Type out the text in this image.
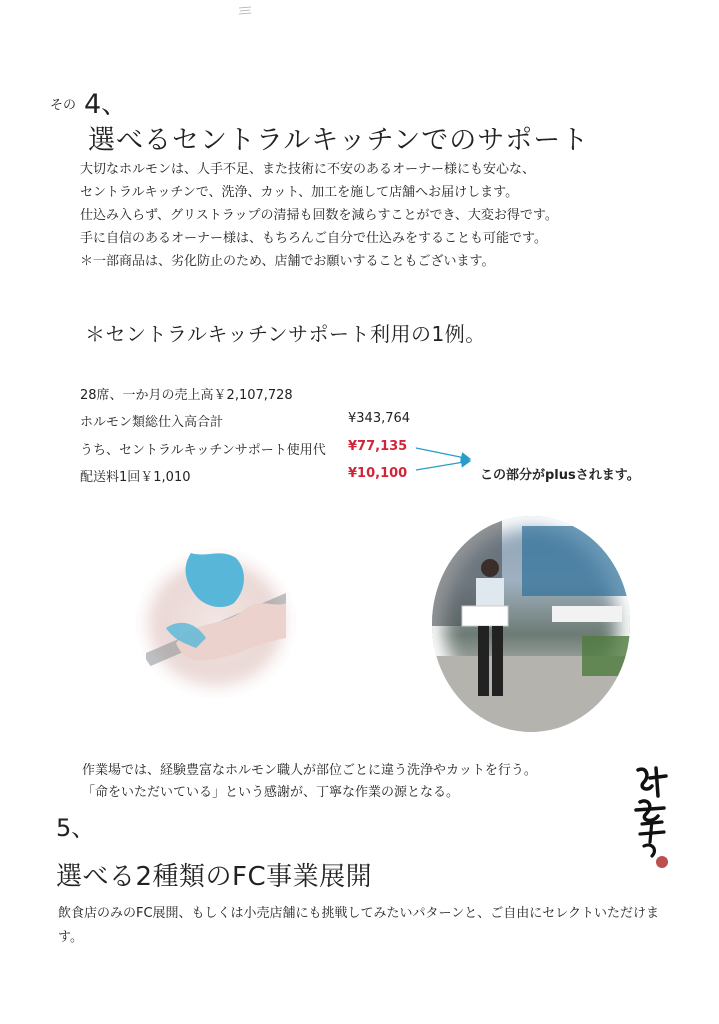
その 4、
選べるセントラルキッチンでのサポート
大切なホルモンは、人手不足、また技術に不安のあるオーナー様にも安心な、
セントラルキッチンで、洗浄、カット、加工を施して店舗へお届けします。
仕込み入らず、グリストラップの清掃も回数を減らすことができ、大変お得です。
手に自信のあるオーナー様は、もちろんご自分で仕込みをすることも可能です。
＊一部商品は、劣化防止のため、店舗でお願いすることもございます。
＊セントラルキッチンサポート利用の1例。
28席、一か月の売上高￥2,107,728
ホルモン類総仕入高合計	¥343,764
うち、セントラルキッチンサポート使用代 ¥77,135
配送料1回￥1,010	¥10,100	この部分がplusされます。
作業場では、経験豊富なホルモン職人が部位ごとに違う洗浄やカットを行う。
「命をいただいている」という感謝が、丁寧な作業の源となる。
5、
選べる2種類のFC事業展開
飲食店のみのFC展開、もしくは小売店舗にも挑戦してみたいパターンと、ご自由にセレクトいただけます。
